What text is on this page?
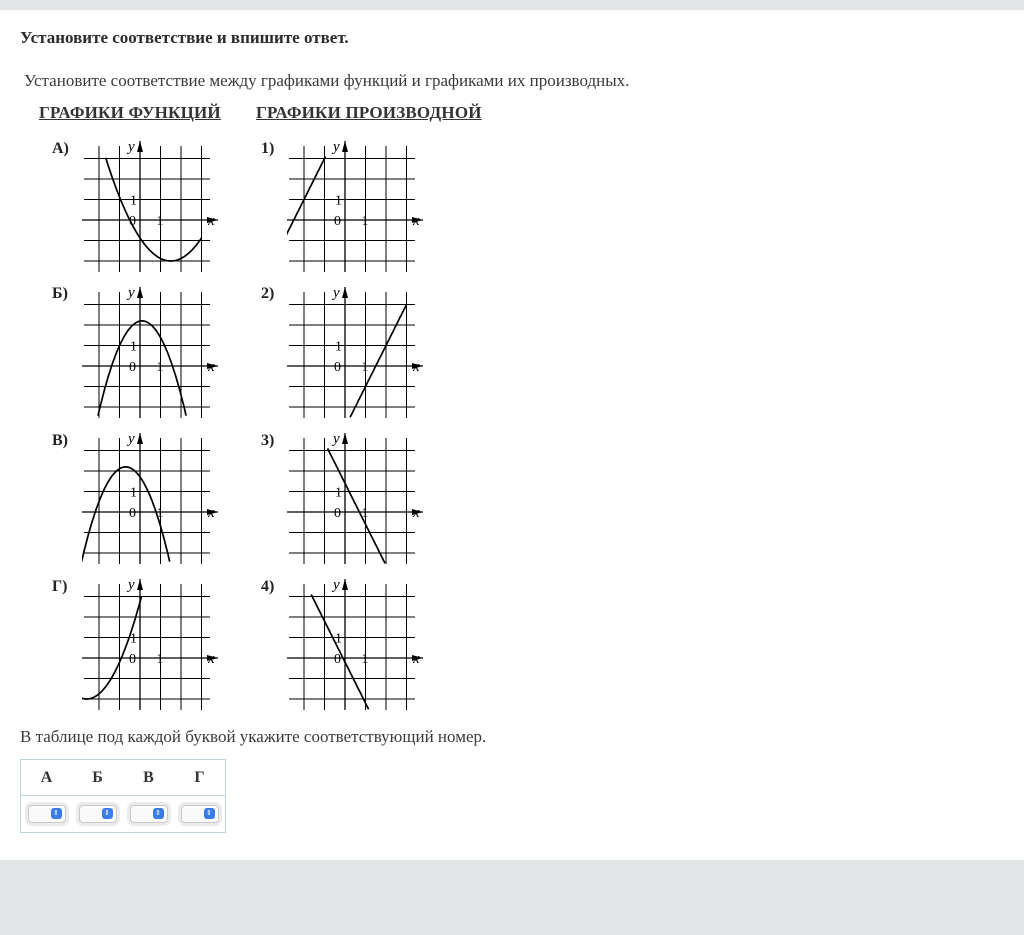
Установите соответствие и впишите ответ.
Установите соответствие между графиками функций и графиками их производных.
ГРАФИКИ ФУНКЦИЙ ГРАФИКИ ПРОИЗВОДНОЙ
А)
Б)
В)
Г)
1)
2)
3)
4)
x
y
0 1
1
x
y
0 1
1
x
y
0 1
1
x
y
0 1
1
x
y
0 1
1
x
y
0 1
1
x
y
0 1
1
x
y
0 1
1
В таблице под каждой буквой укажите соответствующий номер.
А	Б	В	Г

⇕	⇕	⇕	⇕
